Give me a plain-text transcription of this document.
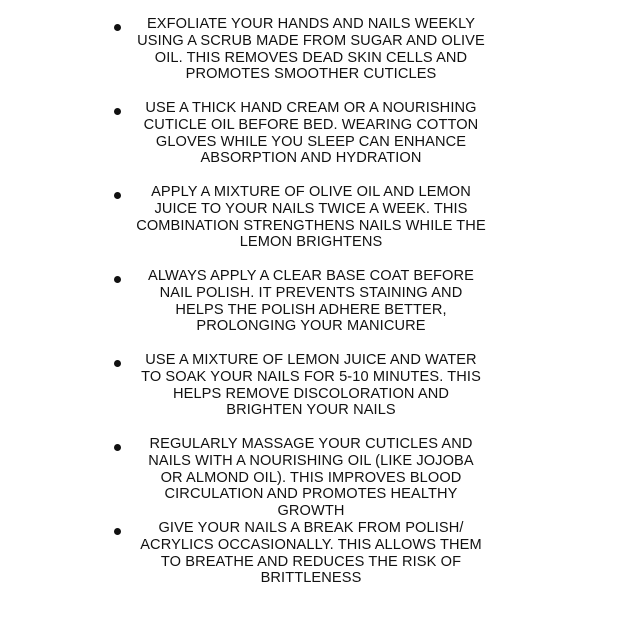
EXFOLIATE YOUR HANDS AND NAILS WEEKLY USING A SCRUB MADE FROM SUGAR AND OLIVE OIL. THIS REMOVES DEAD SKIN CELLS AND PROMOTES SMOOTHER CUTICLES
USE A THICK HAND CREAM OR A NOURISHING CUTICLE OIL BEFORE BED. WEARING COTTON GLOVES WHILE YOU SLEEP CAN ENHANCE ABSORPTION AND HYDRATION
APPLY A MIXTURE OF OLIVE OIL AND LEMON JUICE TO YOUR NAILS TWICE A WEEK. THIS COMBINATION STRENGTHENS NAILS WHILE THE LEMON BRIGHTENS
ALWAYS APPLY A CLEAR BASE COAT BEFORE NAIL POLISH. IT PREVENTS STAINING AND HELPS THE POLISH ADHERE BETTER, PROLONGING YOUR MANICURE
USE A MIXTURE OF LEMON JUICE AND WATER TO SOAK YOUR NAILS FOR 5-10 MINUTES. THIS HELPS REMOVE DISCOLORATION AND BRIGHTEN YOUR NAILS
REGULARLY MASSAGE YOUR CUTICLES AND NAILS WITH A NOURISHING OIL (LIKE JOJOBA OR ALMOND OIL). THIS IMPROVES BLOOD CIRCULATION AND PROMOTES HEALTHY GROWTH
GIVE YOUR NAILS A BREAK FROM POLISH/ ACRYLICS OCCASIONALLY. THIS ALLOWS THEM TO BREATHE AND REDUCES THE RISK OF BRITTLENESS
